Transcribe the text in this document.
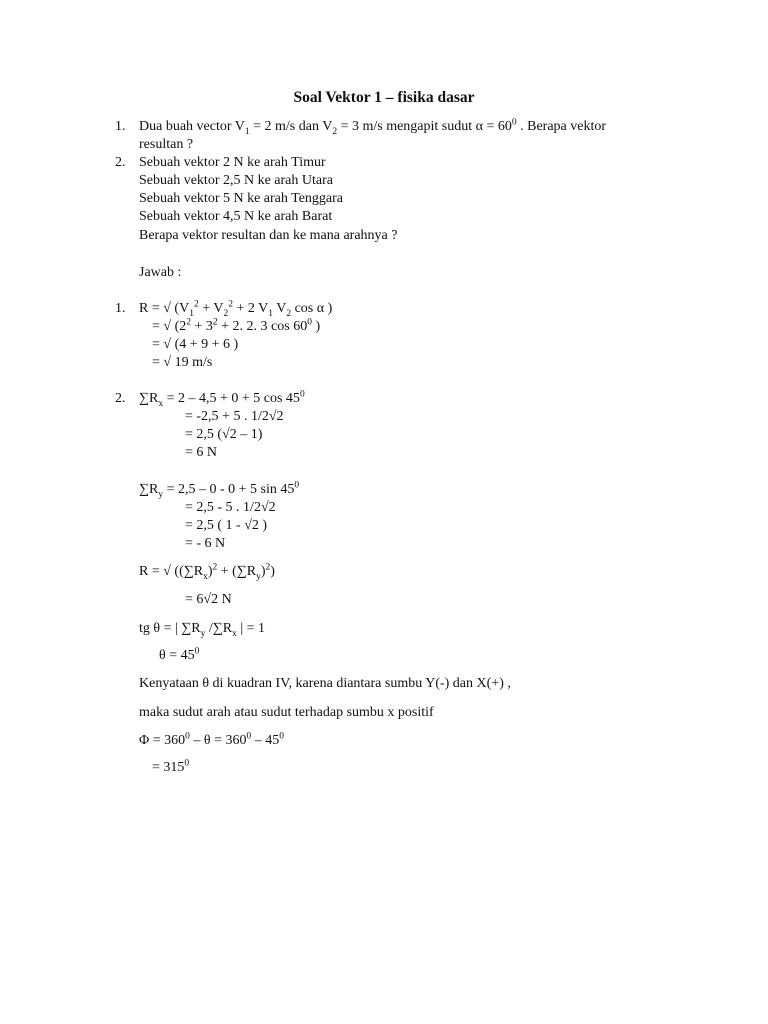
Soal Vektor 1 – fisika dasar
1. Dua buah vector $V_1 = 2$ m/s dan $V_2 = 3$ m/s mengapit sudut $\alpha = 60^0$ . Berapa vektor
resultan ?
2. Sebuah vektor 2 N ke arah Timur
Sebuah vektor 2,5 N ke arah Utara
Sebuah vektor 5 N ke arah Tenggara
Sebuah vektor 4,5 N ke arah Barat
Berapa vektor resultan dan ke mana arahnya ?
Jawab :
1. R = √ ($V_1^2 + V_2^2 + 2$ $V_1$ $V_2$ cos α )
= √ ($2^2 + 3^2 + 2$. 2. 3 $\cos 60^0$ )
= √ (4 + 9 + 6 )
= √ 19 m/s
2. $\sum R_x = 2 - 4,5 + 0 + 5$ $\cos 45^0$
= -2,5 + 5 . 1/2√2
= 2,5 (√2 – 1)
= 6 N
$\sum R_y = 2,5 - 0 - 0 + 5$ $\sin 45^0$
= 2,5 - 5 . 1/2√2
= 2,5 ( 1 - √2 )
= - 6 N
R = √ $((\sum R_x)^2 + (\sum R_y)^2)$
= 6√2 N
tg θ = | $\sum R_y$ $/\sum R_x$ | = 1
$\theta = 45^0$
Kenyataan θ di kuadran IV, karena diantara sumbu Y(-) dan X(+) ,
maka sudut arah atau sudut terhadap sumbu x positif
$\Phi = 360^0 - \theta = 360^0 - 45^0$
= $315^0$
